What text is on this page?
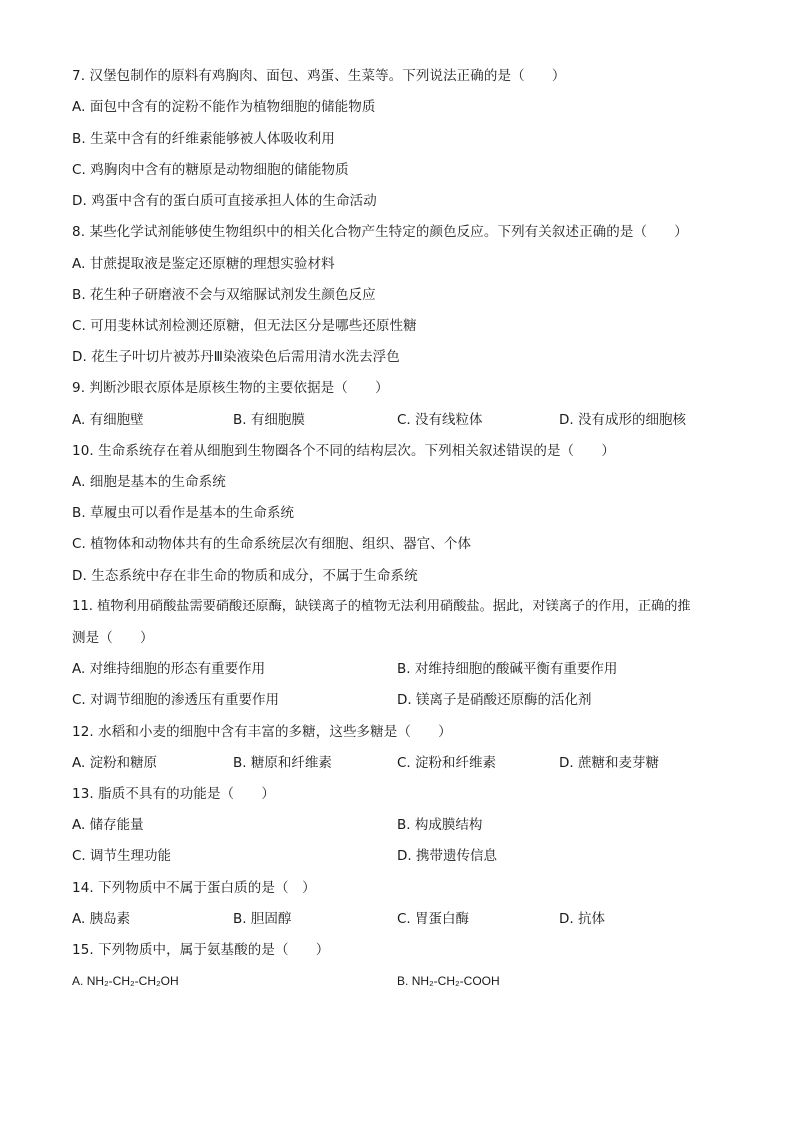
7. 汉堡包制作的原料有鸡胸肉、面包、鸡蛋、生菜等。下列说法正确的是（　　）
A. 面包中含有的淀粉不能作为植物细胞的储能物质
B. 生菜中含有的纤维素能够被人体吸收利用
C. 鸡胸肉中含有的糖原是动物细胞的储能物质
D. 鸡蛋中含有的蛋白质可直接承担人体的生命活动
8. 某些化学试剂能够使生物组织中的相关化合物产生特定的颜色反应。下列有关叙述正确的是（　　）
A. 甘蔗提取液是鉴定还原糖的理想实验材料
B. 花生种子研磨液不会与双缩脲试剂发生颜色反应
C. 可用斐林试剂检测还原糖，但无法区分是哪些还原性糖
D. 花生子叶切片被苏丹Ⅲ染液染色后需用清水洗去浮色
9. 判断沙眼衣原体是原核生物的主要依据是（　　）
A. 有细胞壁	B. 有细胞膜	C. 没有线粒体	D. 没有成形的细胞核
10. 生命系统存在着从细胞到生物圈各个不同的结构层次。下列相关叙述错误的是（　　）
A. 细胞是基本的生命系统
B. 草履虫可以看作是基本的生命系统
C. 植物体和动物体共有的生命系统层次有细胞、组织、器官、个体
D. 生态系统中存在非生命的物质和成分，不属于生命系统
11. 植物利用硝酸盐需要硝酸还原酶，缺镁离子的植物无法利用硝酸盐。据此，对镁离子的作用，正确的推
测是（　　）
A. 对维持细胞的形态有重要作用	B. 对维持细胞的酸碱平衡有重要作用
C. 对调节细胞的渗透压有重要作用	D. 镁离子是硝酸还原酶的活化剂
12. 水稻和小麦的细胞中含有丰富的多糖，这些多糖是（　　）
A. 淀粉和糖原	B. 糖原和纤维素	C. 淀粉和纤维素	D. 蔗糖和麦芽糖
13. 脂质不具有的功能是（　　）
A. 储存能量	B. 构成膜结构
C. 调节生理功能	D. 携带遗传信息
14. 下列物质中不属于蛋白质的是（　）
A. 胰岛素	B. 胆固醇	C. 胃蛋白酶	D. 抗体
15. 下列物质中，属于氨基酸的是（　　）
A. NH₂-CH₂-CH₂OH	B. NH₂-CH₂-COOH
